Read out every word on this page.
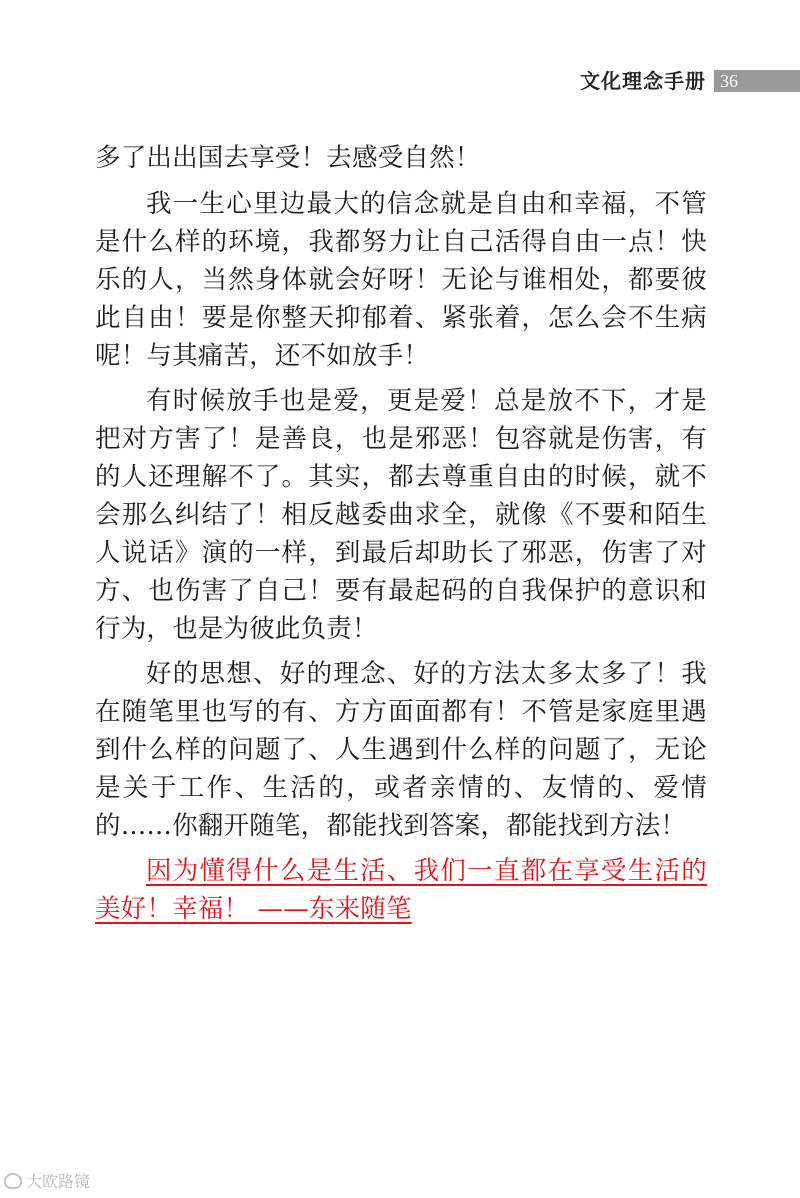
文化理念手册 36

多了出出国去享受！去感受自然！

我一生心里边最大的信念就是自由和幸福，不管是什么样的环境，我都努力让自己活得自由一点！快乐的人，当然身体就会好呀！无论与谁相处，都要彼此自由！要是你整天抑郁着、紧张着，怎么会不生病呢！与其痛苦，还不如放手！

有时候放手也是爱，更是爱！总是放不下，才是把对方害了！是善良，也是邪恶！包容就是伤害，有的人还理解不了。其实，都去尊重自由的时候，就不会那么纠结了！相反越委曲求全，就像《不要和陌生人说话》演的一样，到最后却助长了邪恶，伤害了对方、也伤害了自己！要有最起码的自我保护的意识和行为，也是为彼此负责！

好的思想、好的理念、好的方法太多太多了！我在随笔里也写的有、方方面面都有！不管是家庭里遇到什么样的问题了、人生遇到什么样的问题了，无论是关于工作、生活的，或者亲情的、友情的、爱情的……你翻开随笔，都能找到答案，都能找到方法！

因为懂得什么是生活、我们一直都在享受生活的美好！幸福！ ——东来随笔

大欧路镜
